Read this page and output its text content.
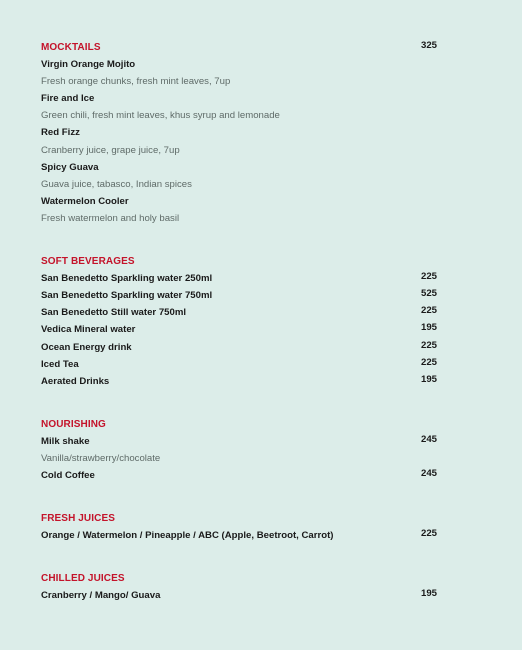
MOCKTAILS	325
Virgin Orange Mojito
Fresh orange chunks, fresh mint leaves, 7up
Fire and Ice
Green chili, fresh mint leaves, khus syrup and lemonade
Red Fizz
Cranberry juice, grape juice, 7up
Spicy Guava
Guava juice, tabasco, Indian spices
Watermelon Cooler
Fresh watermelon and holy basil
SOFT BEVERAGES
San Benedetto Sparkling water 250ml	225
San Benedetto Sparkling water 750ml	525
San Benedetto Still water 750ml	225
Vedica Mineral water	195
Ocean Energy drink	225
Iced Tea	225
Aerated Drinks	195
NOURISHING
Milk shake	245
Vanilla/strawberry/chocolate
Cold Coffee	245
FRESH JUICES
Orange / Watermelon / Pineapple / ABC (Apple, Beetroot, Carrot)	225
CHILLED JUICES
Cranberry / Mango/ Guava	195
